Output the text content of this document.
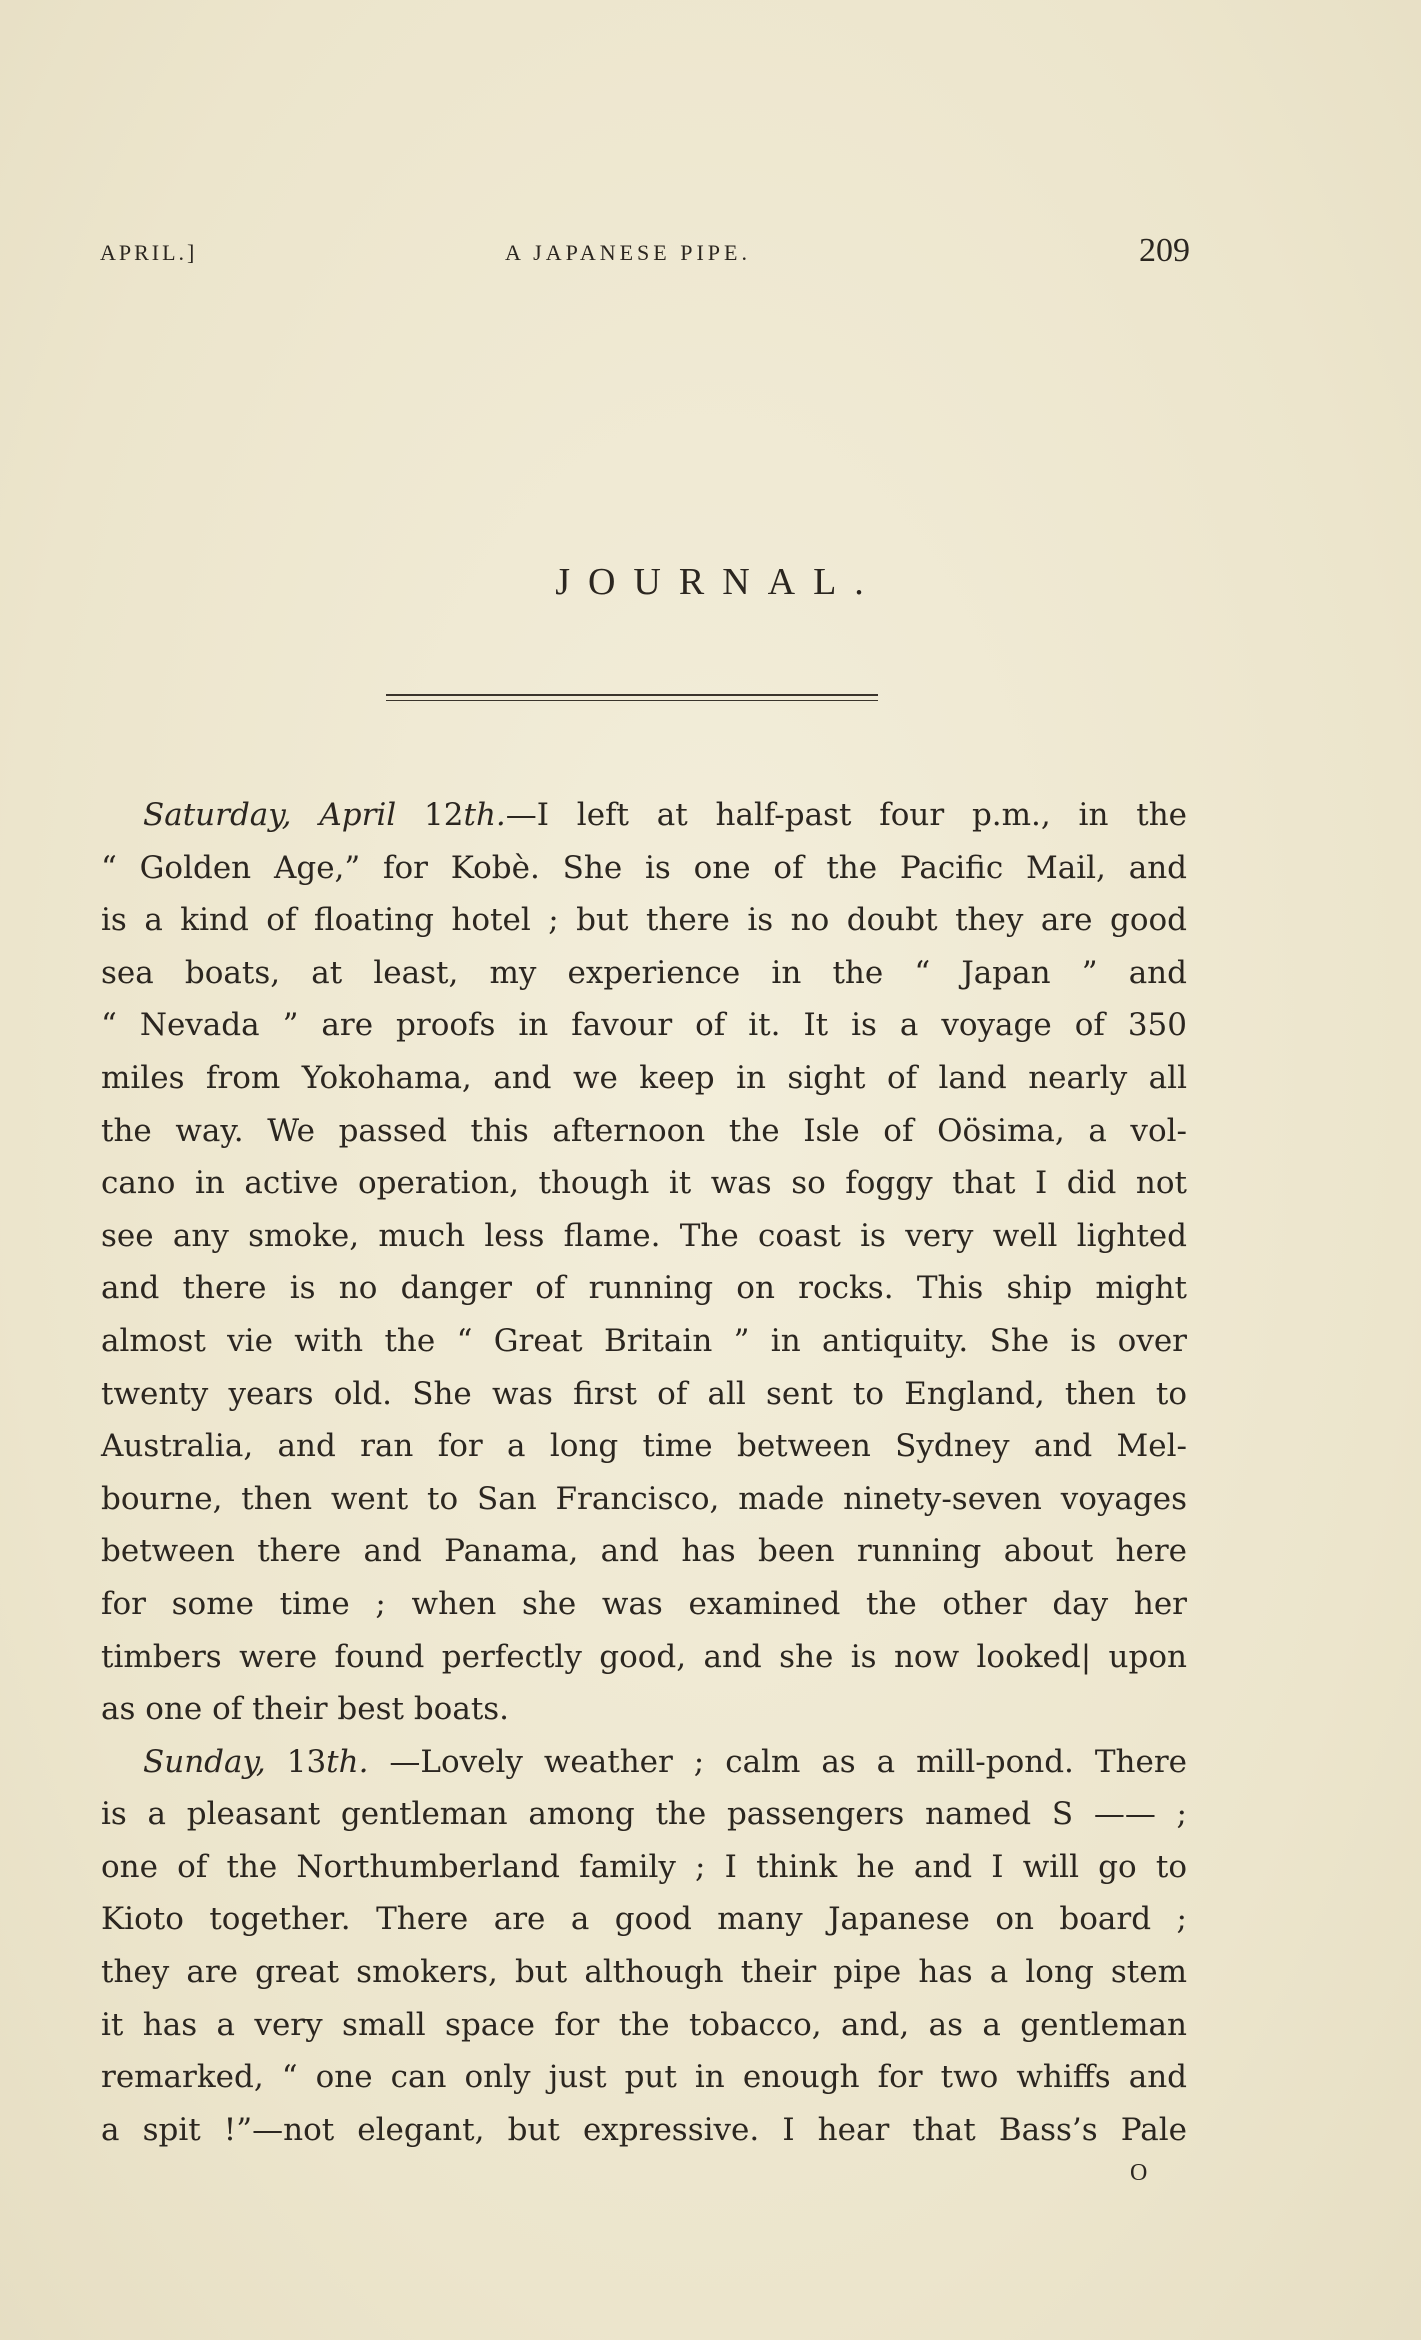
APRIL.]	A JAPANESE PIPE.	209
JOURNAL.
Saturday, April 12th.—I left at half-past four p.m., in the
“ Golden Age,” for Kobè. She is one of the Pacific Mail, and
is a kind of floating hotel ; but there is no doubt they are good
sea boats, at least, my experience in the “ Japan ” and
“ Nevada ” are proofs in favour of it. It is a voyage of 350
miles from Yokohama, and we keep in sight of land nearly all
the way. We passed this afternoon the Isle of Oösima, a vol-
cano in active operation, though it was so foggy that I did not
see any smoke, much less flame. The coast is very well lighted
and there is no danger of running on rocks. This ship might
almost vie with the “ Great Britain ” in antiquity. She is over
twenty years old. She was first of all sent to England, then to
Australia, and ran for a long time between Sydney and Mel-
bourne, then went to San Francisco, made ninety-seven voyages
between there and Panama, and has been running about here
for some time ; when she was examined the other day her
timbers were found perfectly good, and she is now looked| upon
as one of their best boats.
Sunday, 13th. —Lovely weather ; calm as a mill-pond. There
is a pleasant gentleman among the passengers named S —— ;
one of the Northumberland family ; I think he and I will go to
Kioto together. There are a good many Japanese on board ;
they are great smokers, but although their pipe has a long stem
it has a very small space for the tobacco, and, as a gentleman
remarked, “ one can only just put in enough for two whiffs and
a spit !”—not elegant, but expressive. I hear that Bass’s Pale
O
